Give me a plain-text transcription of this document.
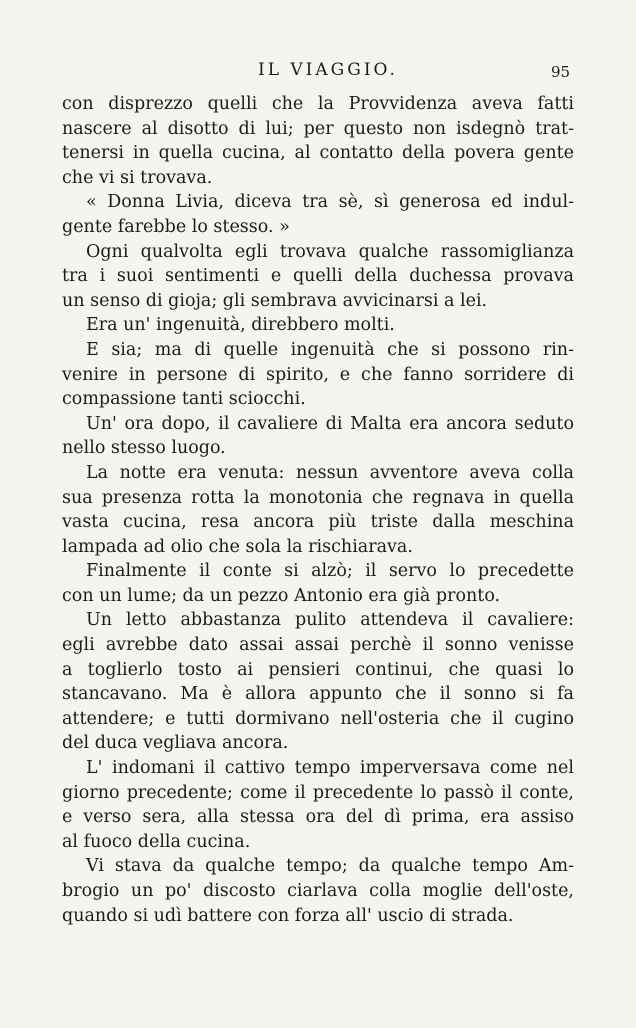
IL VIAGGIO.	95
con disprezzo quelli che la Provvidenza aveva fatti
nascere al disotto di lui; per questo non isdegnò trat-
tenersi in quella cucina, al contatto della povera gente
che vi si trovava.
« Donna Livia, diceva tra sè, sì generosa ed indul-
gente farebbe lo stesso. »
Ogni qualvolta egli trovava qualche rassomiglianza
tra i suoi sentimenti e quelli della duchessa provava
un senso di gioja; gli sembrava avvicinarsi a lei.
Era un' ingenuità, direbbero molti.
E sia; ma di quelle ingenuità che si possono rin-
venire in persone di spirito, e che fanno sorridere di
compassione tanti sciocchi.
Un' ora dopo, il cavaliere di Malta era ancora seduto
nello stesso luogo.
La notte era venuta: nessun avventore aveva colla
sua presenza rotta la monotonia che regnava in quella
vasta cucina, resa ancora più triste dalla meschina
lampada ad olio che sola la rischiarava.
Finalmente il conte si alzò; il servo lo precedette
con un lume; da un pezzo Antonio era già pronto.
Un letto abbastanza pulito attendeva il cavaliere:
egli avrebbe dato assai assai perchè il sonno venisse
a toglierlo tosto ai pensieri continui, che quasi lo
stancavano. Ma è allora appunto che il sonno si fa
attendere; e tutti dormivano nell'osteria che il cugino
del duca vegliava ancora.
L' indomani il cattivo tempo imperversava come nel
giorno precedente; come il precedente lo passò il conte,
e verso sera, alla stessa ora del dì prima, era assiso
al fuoco della cucina.
Vi stava da qualche tempo; da qualche tempo Am-
brogio un po' discosto ciarlava colla moglie dell'oste,
quando si udì battere con forza all' uscio di strada.
